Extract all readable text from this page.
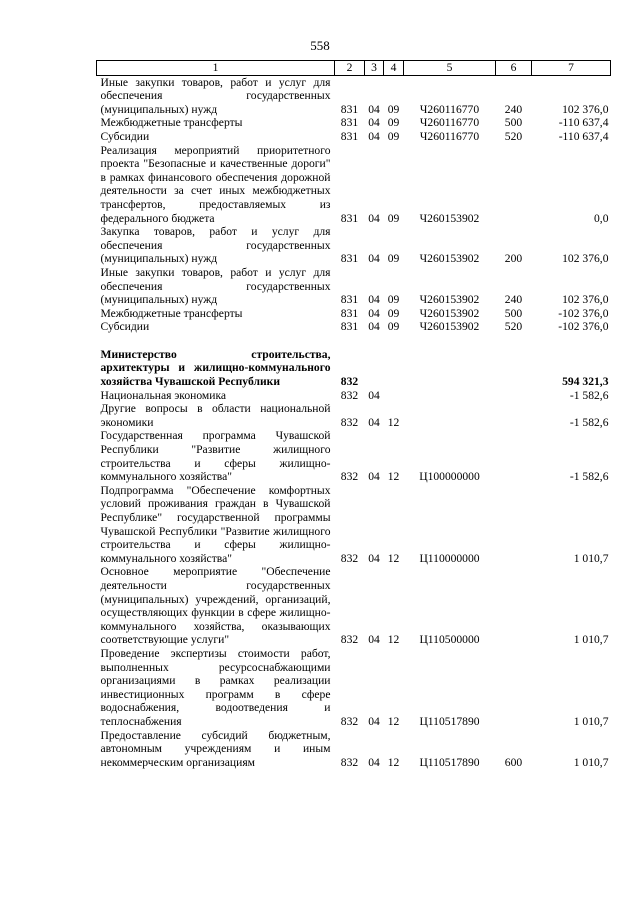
558
1	2	3	4	5	6	7
Иные закупки товаров, работ и услуг для обеспечения государственных (муниципальных) нужд	831	04	09	Ч260116770	240	102 376,0
Межбюджетные трансферты	831	04	09	Ч260116770	500	-110 637,4
Субсидии	831	04	09	Ч260116770	520	-110 637,4
Реализация мероприятий приоритетного проекта "Безопасные и качественные дороги" в рамках финансового обеспечения дорожной деятельности за счет иных межбюджетных трансфертов, предоставляемых из федерального бюджета	831	04	09	Ч260153902		0,0
Закупка товаров, работ и услуг для обеспечения государственных (муниципальных) нужд	831	04	09	Ч260153902	200	102 376,0
Иные закупки товаров, работ и услуг для обеспечения государственных (муниципальных) нужд	831	04	09	Ч260153902	240	102 376,0
Межбюджетные трансферты	831	04	09	Ч260153902	500	-102 376,0
Субсидии	831	04	09	Ч260153902	520	-102 376,0

Министерство строительства, архитектуры и жилищно-коммунального хозяйства Чувашской Республики	832					594 321,3
Национальная экономика	832	04				-1 582,6
Другие вопросы в области национальной экономики	832	04	12			-1 582,6
Государственная программа Чувашской Республики "Развитие жилищного строительства и сферы жилищно-коммунального хозяйства"	832	04	12	Ц100000000		-1 582,6
Подпрограмма "Обеспечение комфортных условий проживания граждан в Чувашской Республике" государственной программы Чувашской Республики "Развитие жилищного строительства и сферы жилищно-коммунального хозяйства"	832	04	12	Ц110000000		1 010,7
Основное мероприятие "Обеспечение деятельности государственных (муниципальных) учреждений, организаций, осуществляющих функции в сфере жилищно-коммунального хозяйства, оказывающих соответствующие услуги"	832	04	12	Ц110500000		1 010,7
Проведение экспертизы стоимости работ, выполненных ресурсоснабжающими организациями в рамках реализации инвестиционных программ в сфере водоснабжения, водоотведения и теплоснабжения	832	04	12	Ц110517890		1 010,7
Предоставление субсидий бюджетным, автономным учреждениям и иным некоммерческим организациям	832	04	12	Ц110517890	600	1 010,7
